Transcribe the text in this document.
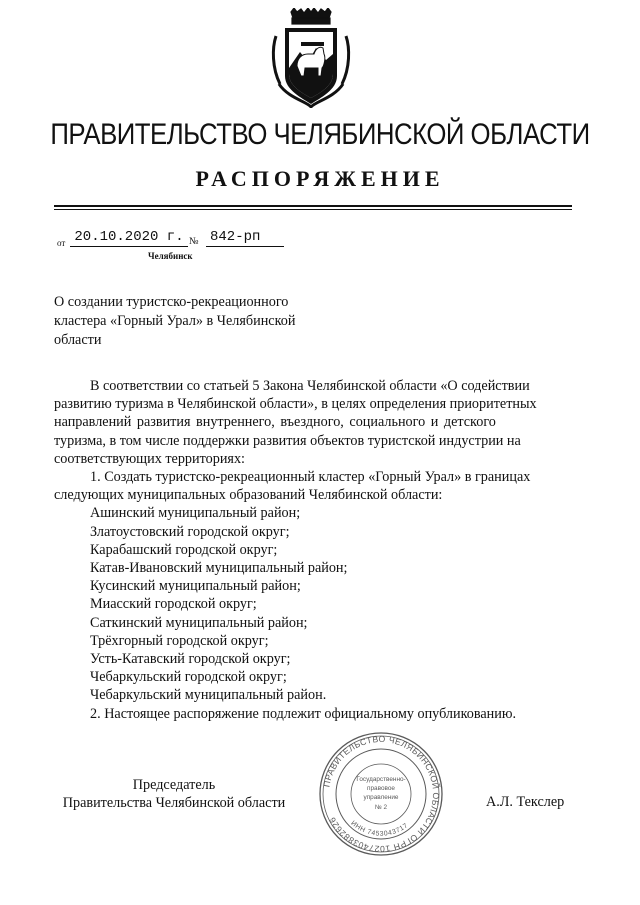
ПРАВИТЕЛЬСТВО ЧЕЛЯБИНСКОЙ ОБЛАСТИ
РАСПОРЯЖЕНИЕ
от 20.10.2020 г. № 842-рп
Челябинск
О создании туристско-рекреационного
кластера «Горный Урал» в Челябинской
области

В соответствии со статьей 5 Закона Челябинской области «О содействии

развитию туризма в Челябинской области», в целях определения приоритетных

направлений развития внутреннего, въездного, социального и детского

туризма, в том числе поддержки развития объектов туристской индустрии на

соответствующих территориях:

1. Создать туристско-рекреационный кластер «Горный Урал» в границах

следующих муниципальных образований Челябинской области:

Ашинский муниципальный район;

Златоустовский городской округ;

Карабашский городской округ;

Катав-Ивановский муниципальный район;

Кусинский муниципальный район;

Миасский городской округ;

Саткинский муниципальный район;

Трёхгорный городской округ;

Усть-Катавский городской округ;

Чебаркульский городской округ;

Чебаркульский муниципальный район.

2. Настоящее распоряжение подлежит официальному опубликованию.

ПРАВИТЕЛЬСТВО ЧЕЛЯБИНСКОЙ ОБЛАСТИ ОГРН 1027403882626	ИНН 7453043717
Государственно-
правовое
управление
№ 2
Председатель
Правительства Челябинской области	А.Л. Текслер
